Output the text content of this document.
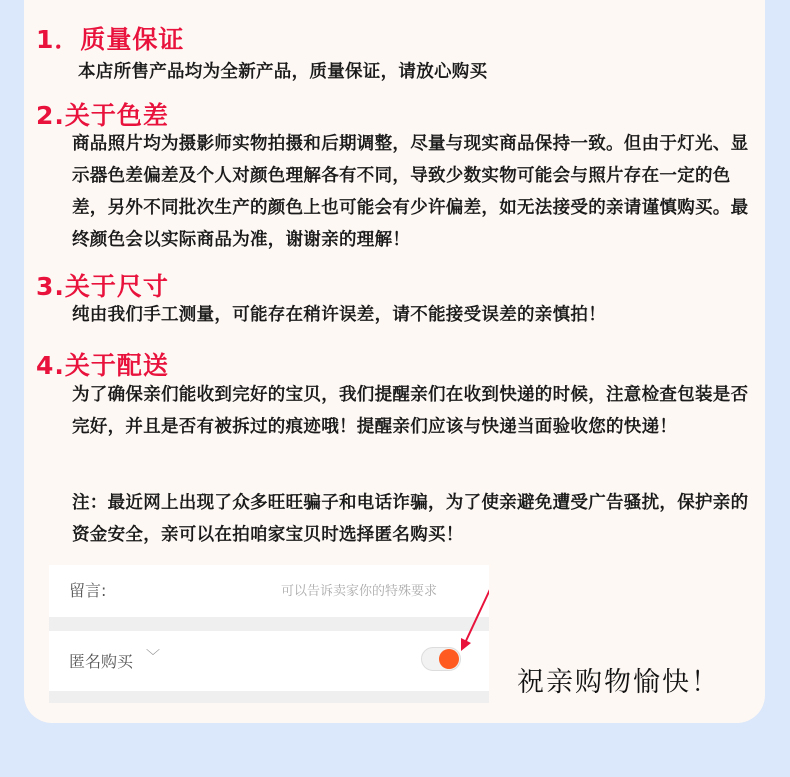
1．质量保证
本店所售产品均为全新产品，质量保证，请放心购买
2.关于色差
商品照片均为摄影师实物拍摄和后期调整，尽量与现实商品保持一致。但由于灯光、显示器色差偏差及个人对颜色理解各有不同，导致少数实物可能会与照片存在一定的色差，另外不同批次生产的颜色上也可能会有少许偏差，如无法接受的亲请谨慎购买。最终颜色会以实际商品为准，谢谢亲的理解！
3.关于尺寸
纯由我们手工测量，可能存在稍许误差，请不能接受误差的亲慎拍！
4.关于配送
为了确保亲们能收到完好的宝贝，我们提醒亲们在收到快递的时候，注意检查包装是否完好，并且是否有被拆过的痕迹哦！提醒亲们应该与快递当面验收您的快递！
注：最近网上出现了众多旺旺骗子和电话诈骗，为了使亲避免遭受广告骚扰，保护亲的资金安全，亲可以在拍咱家宝贝时选择匿名购买！
留言:	可以告诉卖家你的特殊要求
匿名购买 ﹀
祝亲购物愉快！
